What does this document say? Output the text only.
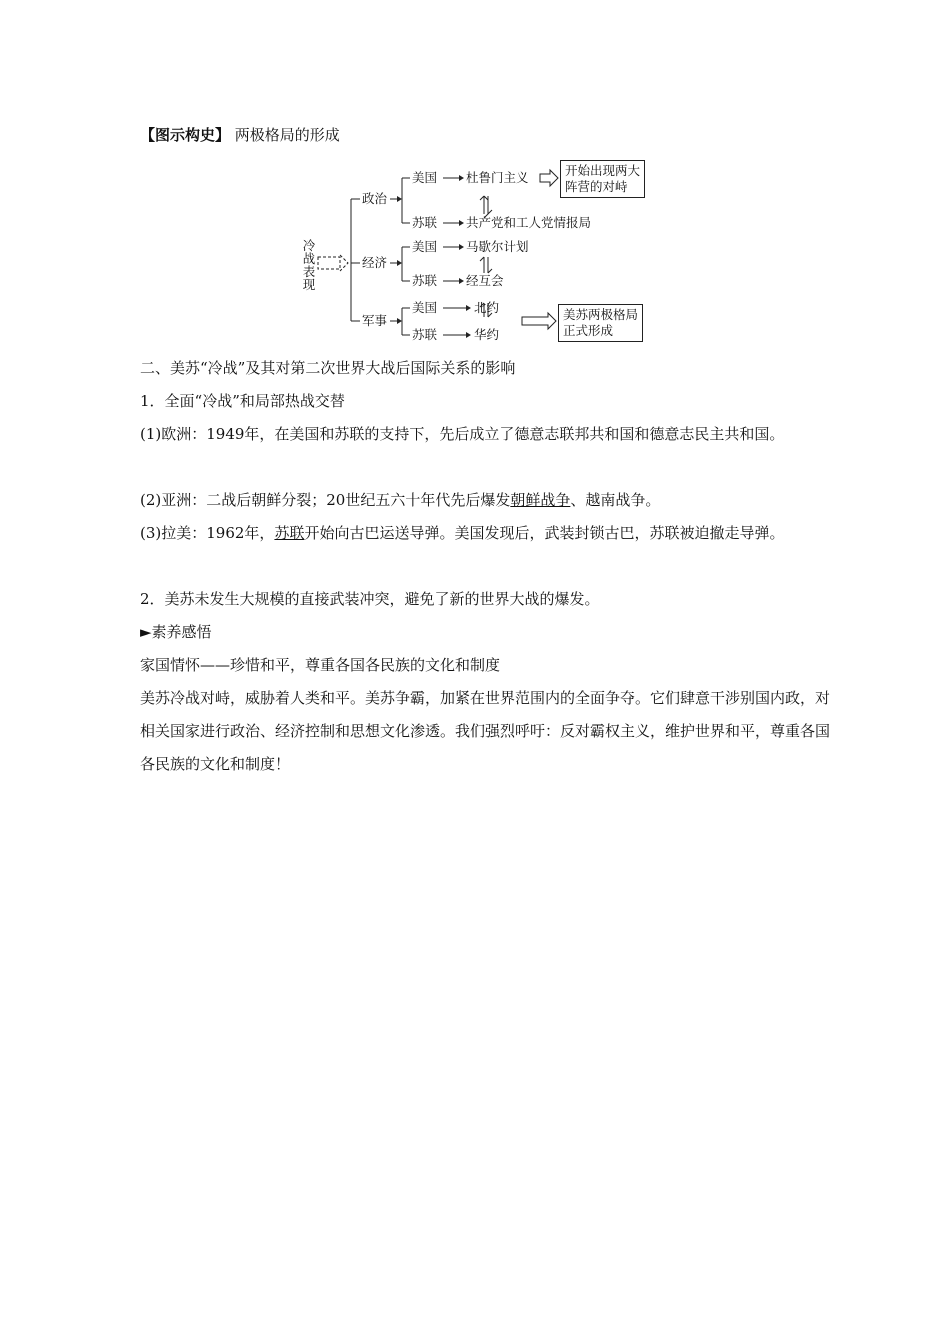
【图示构史】 两极格局的形成
冷战表现
政治
经济
军事
美国 杜鲁门主义
苏联 共产党和工人党情报局
开始出现两大
阵营的对峙
美国 马歇尔计划
苏联 经互会
美国	北约
苏联	华约
美苏两极格局
正式形成
二、美苏“冷战”及其对第二次世界大战后国际关系的影响
1．全面“冷战”和局部热战交替
(1)欧洲：1949年，在美国和苏联的支持下，先后成立了德意志联邦共和国和德意志民主共和国。
(2)亚洲：二战后朝鲜分裂；20世纪五六十年代先后爆发朝鲜战争、越南战争。
(3)拉美：1962年，苏联开始向古巴运送导弹。美国发现后，武装封锁古巴，苏联被迫撤走导弹。
2．美苏未发生大规模的直接武装冲突，避免了新的世界大战的爆发。
►素养感悟
家国情怀——珍惜和平，尊重各国各民族的文化和制度
美苏冷战对峙，威胁着人类和平。美苏争霸，加紧在世界范围内的全面争夺。它们肆意干涉别国内政，对相关国家进行政治、经济控制和思想文化渗透。我们强烈呼吁：反对霸权主义，维护世界和平，尊重各国各民族的文化和制度！
